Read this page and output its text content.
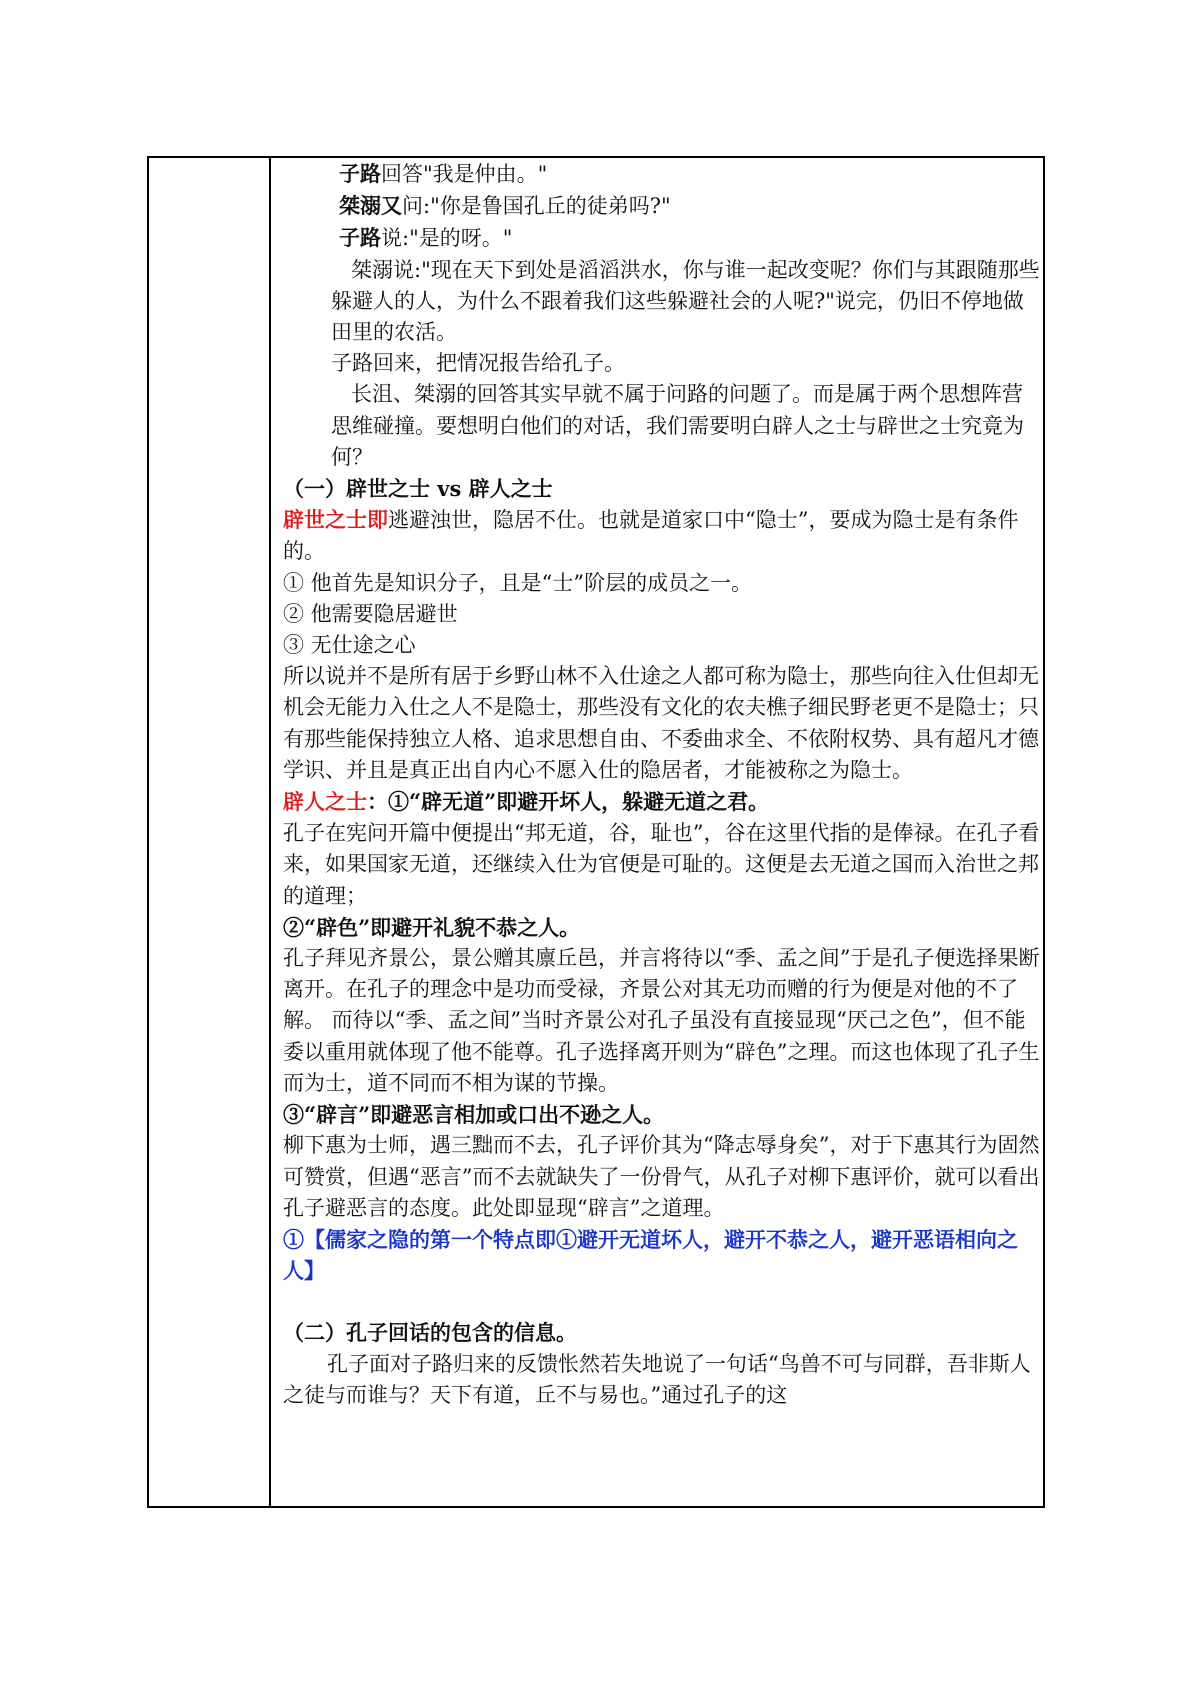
子路回答"我是仲由。"

桀溺又问:"你是鲁国孔丘的徒弟吗?"

子路说:"是的呀。"

桀溺说:"现在天下到处是滔滔洪水，你与谁一起改变呢？你们与其跟随那些躲避人的人，为什么不跟着我们这些躲避社会的人呢?"说完，仍旧不停地做田里的农活。

子路回来，把情况报告给孔子。

长沮、桀溺的回答其实早就不属于问路的问题了。而是属于两个思想阵营思维碰撞。要想明白他们的对话，我们需要明白辟人之士与辟世之士究竟为何？

（一）辟世之士 vs 辟人之士

辟世之士即逃避浊世，隐居不仕。也就是道家口中“隐士”，要成为隐士是有条件的。

① 他首先是知识分子，且是“士”阶层的成员之一。

② 他需要隐居避世

③ 无仕途之心

所以说并不是所有居于乡野山林不入仕途之人都可称为隐士，那些向往入仕但却无机会无能力入仕之人不是隐士，那些没有文化的农夫樵子细民野老更不是隐士；只有那些能保持独立人格、追求思想自由、不委曲求全、不依附权势、具有超凡才德学识、并且是真正出自内心不愿入仕的隐居者，才能被称之为隐士。

辟人之士：①“辟无道”即避开坏人，躲避无道之君。

孔子在宪问开篇中便提出“邦无道，谷，耻也”，谷在这里代指的是俸禄。在孔子看来，如果国家无道，还继续入仕为官便是可耻的。这便是去无道之国而入治世之邦的道理；

②“辟色”即避开礼貌不恭之人。

孔子拜见齐景公，景公赠其廪丘邑，并言将待以“季、孟之间”于是孔子便选择果断离开。在孔子的理念中是功而受禄，齐景公对其无功而赠的行为便是对他的不了解。 而待以“季、孟之间”当时齐景公对孔子虽没有直接显现“厌己之色”，但不能委以重用就体现了他不能尊。孔子选择离开则为“辟色”之理。而这也体现了孔子生而为士，道不同而不相为谋的节操。

③“辟言”即避恶言相加或口出不逊之人。

柳下惠为士师，遇三黜而不去，孔子评价其为“降志辱身矣”，对于下惠其行为固然可赞赏，但遇“恶言”而不去就缺失了一份骨气，从孔子对柳下惠评价，就可以看出孔子避恶言的态度。此处即显现“辟言”之道理。

①【儒家之隐的第一个特点即①避开无道坏人，避开不恭之人，避开恶语相向之人】

（二）孔子回话的包含的信息。

孔子面对子路归来的反馈怅然若失地说了一句话“鸟兽不可与同群，吾非斯人之徒与而谁与？天下有道，丘不与易也。”通过孔子的这
